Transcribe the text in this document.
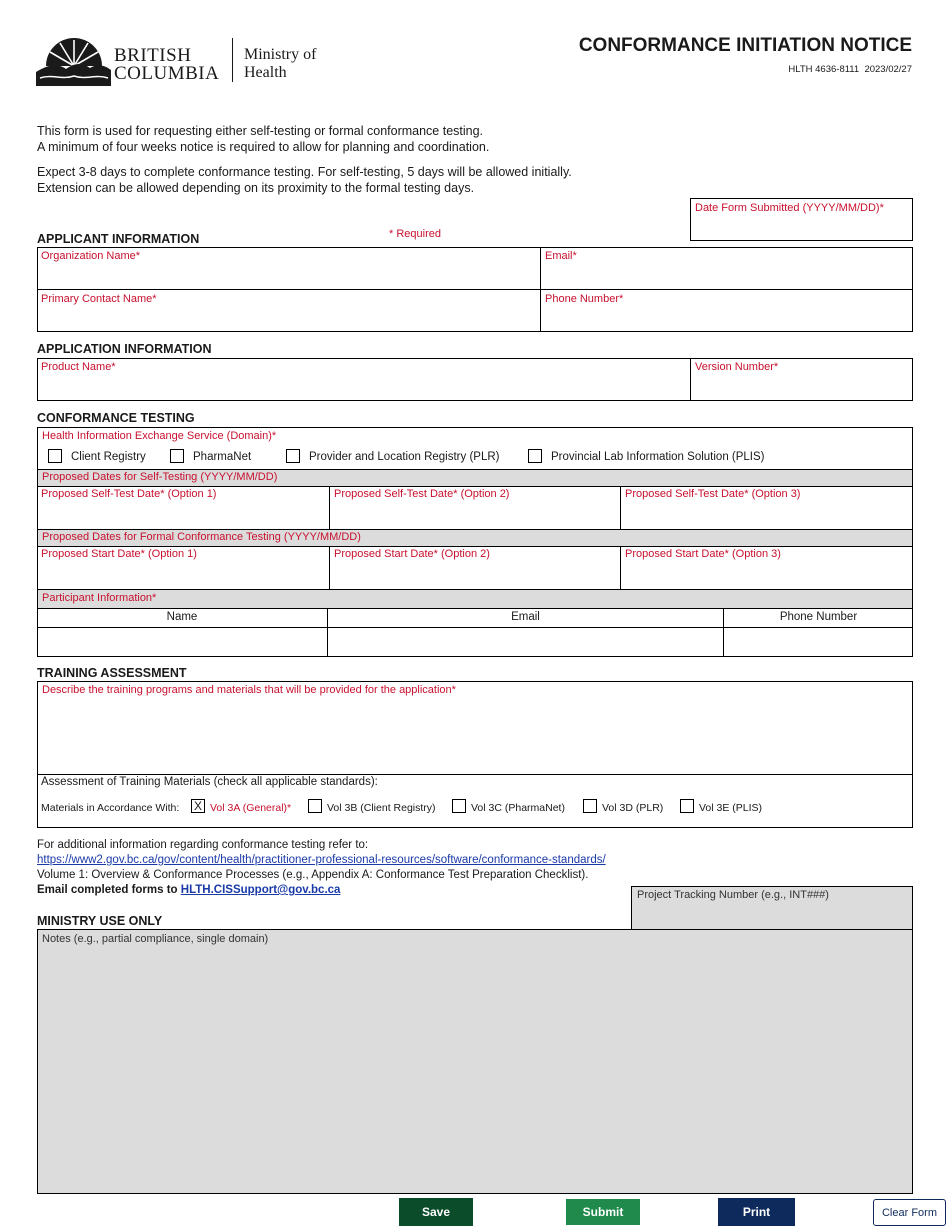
BRITISH
COLUMBIA
Ministry of
Health
CONFORMANCE INITIATION NOTICE
HLTH 4636-8111  2023/02/27
This form is used for requesting either self-testing or formal conformance testing.
A minimum of four weeks notice is required to allow for planning and coordination.
Expect 3-8 days to complete conformance testing. For self-testing, 5 days will be allowed initially.
Extension can be allowed depending on its proximity to the formal testing days.
Date Form Submitted (YYYY/MM/DD)*
APPLICANT INFORMATION	* Required
Organization Name*	Email*
Primary Contact Name*	Phone Number*
APPLICATION INFORMATION
Product Name*	Version Number*
CONFORMANCE TESTING
Health Information Exchange Service (Domain)*
Client Registry	PharmaNet	Provider and Location Registry (PLR)	Provincial Lab Information Solution (PLIS)
Proposed Dates for Self-Testing (YYYY/MM/DD)
Proposed Self-Test Date* (Option 1)	Proposed Self-Test Date* (Option 2)	Proposed Self-Test Date* (Option 3)
Proposed Dates for Formal Conformance Testing (YYYY/MM/DD)
Proposed Start Date* (Option 1)	Proposed Start Date* (Option 2)	Proposed Start Date* (Option 3)
Participant Information*
Name	Email	Phone Number
TRAINING ASSESSMENT
Describe the training programs and materials that will be provided for the application*
Assessment of Training Materials (check all applicable standards):
Materials in Accordance With: X Vol 3A (General)*	Vol 3B (Client Registry)	Vol 3C (PharmaNet)	Vol 3D (PLR)	Vol 3E (PLIS)
For additional information regarding conformance testing refer to:
https://www2.gov.bc.ca/gov/content/health/practitioner-professional-resources/software/conformance-standards/
Volume 1: Overview & Conformance Processes (e.g., Appendix A: Conformance Test Preparation Checklist).
Email completed forms to HLTH.CISSupport@gov.bc.ca	Project Tracking Number (e.g., INT###)
MINISTRY USE ONLY
Notes (e.g., partial compliance, single domain)
Save	Submit	Print	Clear Form
